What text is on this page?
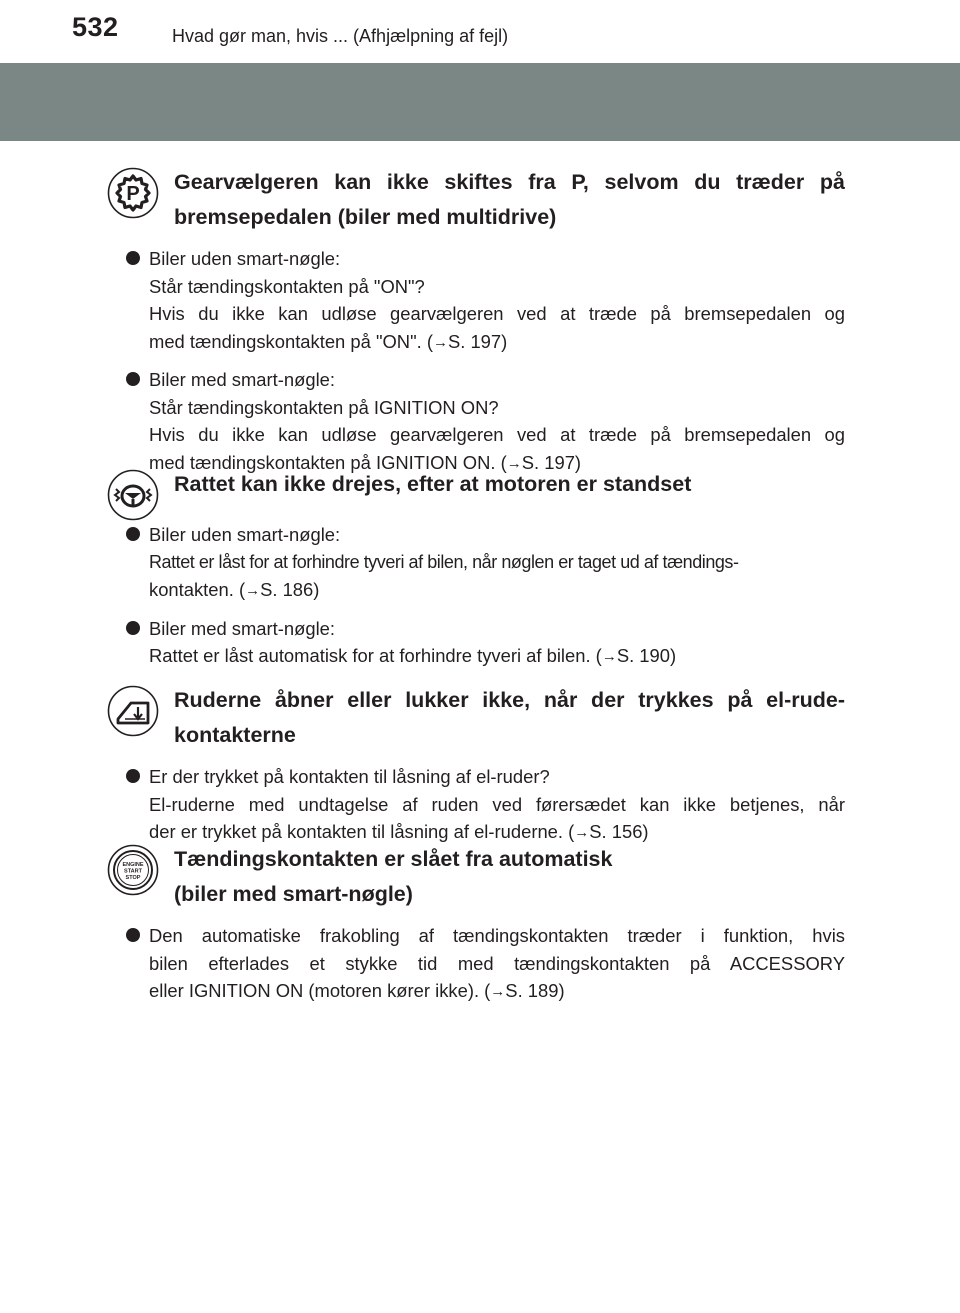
532	Hvad gør man, hvis ... (Afhjælpning af fejl)
P Gearvælgeren kan ikke skiftes fra P, selvom du træder på bremsepedalen (biler med multidrive)
Biler uden smart-nøgle:
Står tændingskontakten på "ON"?
Hvis du ikke kan udløse gearvælgeren ved at træde på bremsepedalen og
med tændingskontakten på "ON". (→S. 197)
Biler med smart-nøgle:
Står tændingskontakten på IGNITION ON?
Hvis du ikke kan udløse gearvælgeren ved at træde på bremsepedalen og
med tændingskontakten på IGNITION ON. (→S. 197)
Rattet kan ikke drejes, efter at motoren er standset
Biler uden smart-nøgle:
Rattet er låst for at forhindre tyveri af bilen, når nøglen er taget ud af tændings-
kontakten. (→S. 186)
Biler med smart-nøgle:
Rattet er låst automatisk for at forhindre tyveri af bilen. (→S. 190)
Ruderne åbner eller lukker ikke, når der trykkes på el-rude-kontakterne
Er der trykket på kontakten til låsning af el-ruder?
El-ruderne med undtagelse af ruden ved førersædet kan ikke betjenes, når
der er trykket på kontakten til låsning af el-ruderne. (→S. 156)
ENGINE
START
STOP
Tændingskontakten er slået fra automatisk
(biler med smart-nøgle)
Den automatiske frakobling af tændingskontakten træder i funktion, hvis
bilen efterlades et stykke tid med tændingskontakten på ACCESSORY
eller IGNITION ON (motoren kører ikke). (→S. 189)
